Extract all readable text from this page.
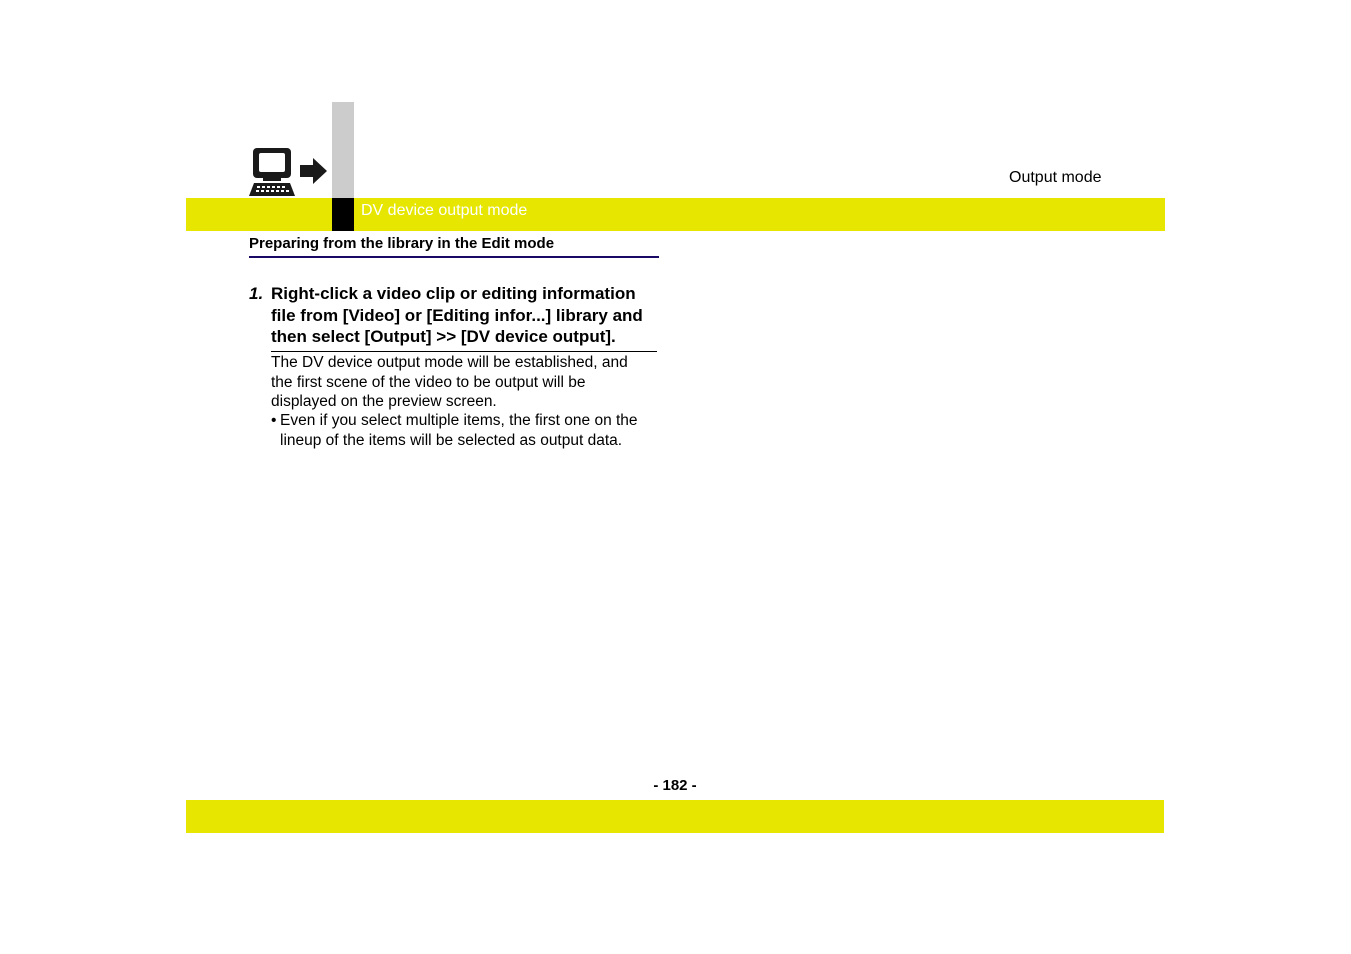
DV device output mode
Output mode
Preparing from the library in the Edit mode
1. Right-click a video clip or editing information
file from [Video] or [Editing infor...] library and
then select [Output] >> [DV device output].
The DV device output mode will be established, and
the first scene of the video to be output will be
displayed on the preview screen.
• Even if you select multiple items, the first one on the
lineup of the items will be selected as output data.
- 182 -
